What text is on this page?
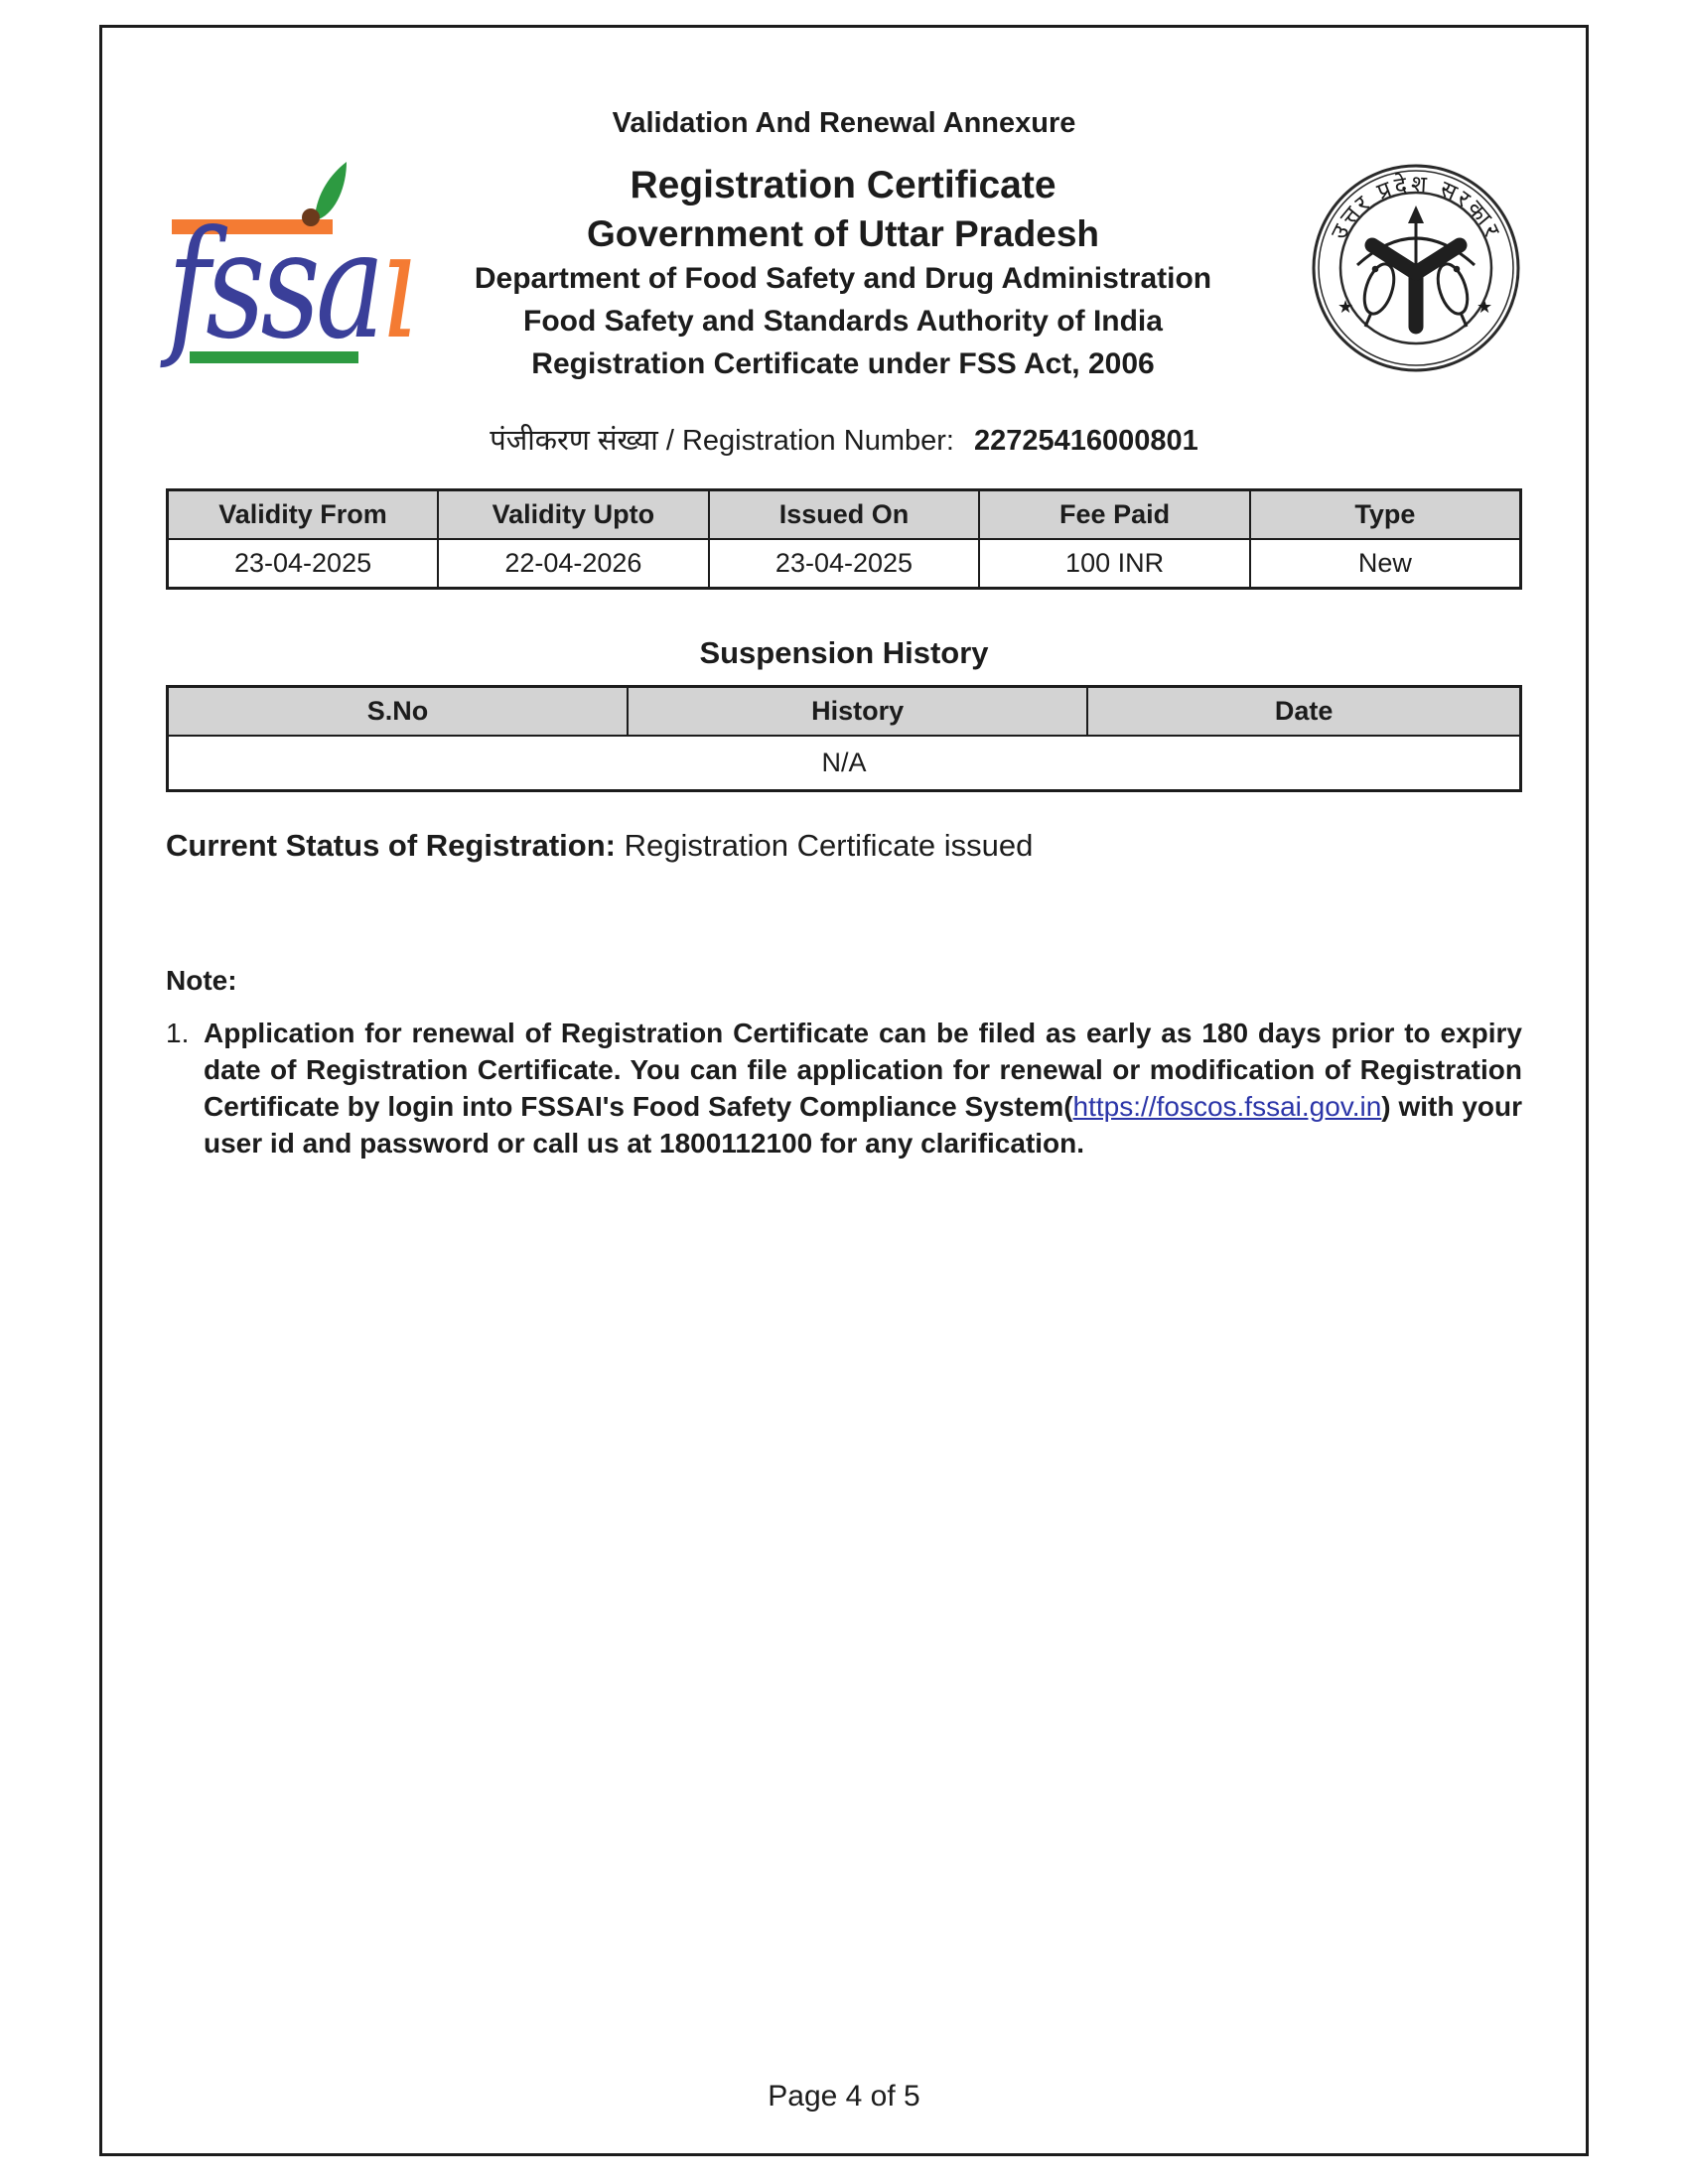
Validation And Renewal Annexure
fssaı
Registration Certificate
Government of Uttar Pradesh
Department of Food Safety and Drug Administration
Food Safety and Standards Authority of India
Registration Certificate under FSS Act, 2006
उत्तर प्रदेश सरकार
★	★
पंजीकरण संख्या / Registration Number: 22725416000801
Validity From	Validity Upto	Issued On	Fee Paid	Type
23-04-2025	22-04-2026	23-04-2025	100 INR	New
Suspension History
S.No	History	Date
N/A
Current Status of Registration: Registration Certificate issued
Note:
1. Application for renewal of Registration Certificate can be filed as early as 180 days prior to expiry date of Registration Certificate. You can file application for renewal or modification of Registration Certificate by login into FSSAI's Food Safety Compliance System(https://foscos.fssai.gov.in) with your user id and password or call us at 1800112100 for any clarification.
Page 4 of 5
